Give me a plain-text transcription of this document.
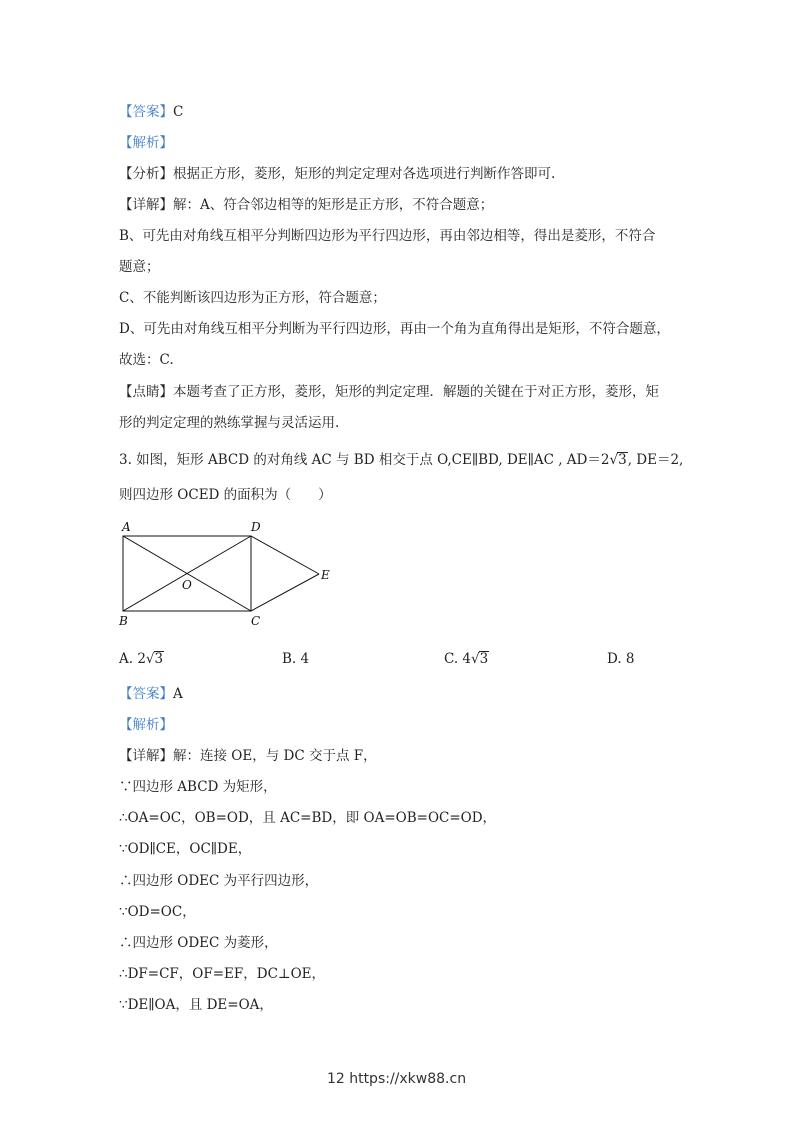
【答案】C
【解析】
【分析】根据正方形，菱形，矩形的判定定理对各选项进行判断作答即可.
【详解】解：A、符合邻边相等的矩形是正方形，不符合题意；
B、可先由对角线互相平分判断四边形为平行四边形，再由邻边相等，得出是菱形，不符合
题意；
C、不能判断该四边形为正方形，符合题意；
D、可先由对角线互相平分判断为平行四边形，再由一个角为直角得出是矩形，不符合题意，
故选：C.
【点睛】本题考查了正方形，菱形，矩形的判定定理．解题的关键在于对正方形，菱形，矩
形的判定定理的熟练掌握与灵活运用.
3. 如图，矩形 ABCD 的对角线 AC 与 BD 相交于点 O,CE∥BD, DE∥AC , AD＝2√3, DE＝2,
则四边形 OCED 的面积为（　　）
A	D
B	C
O
E
A. 2√3	B. 4	C. 4√3	D. 8
【答案】A
【解析】
【详解】解：连接 OE，与 DC 交于点 F，
∵四边形 ABCD 为矩形，
∴OA=OC，OB=OD，且 AC=BD，即 OA=OB=OC=OD，
∵OD∥CE，OC∥DE，
∴四边形 ODEC 为平行四边形，
∵OD=OC，
∴四边形 ODEC 为菱形，
∴DF=CF，OF=EF，DC⊥OE，
∵DE∥OA，且 DE=OA，
12 https://xkw88.cn
